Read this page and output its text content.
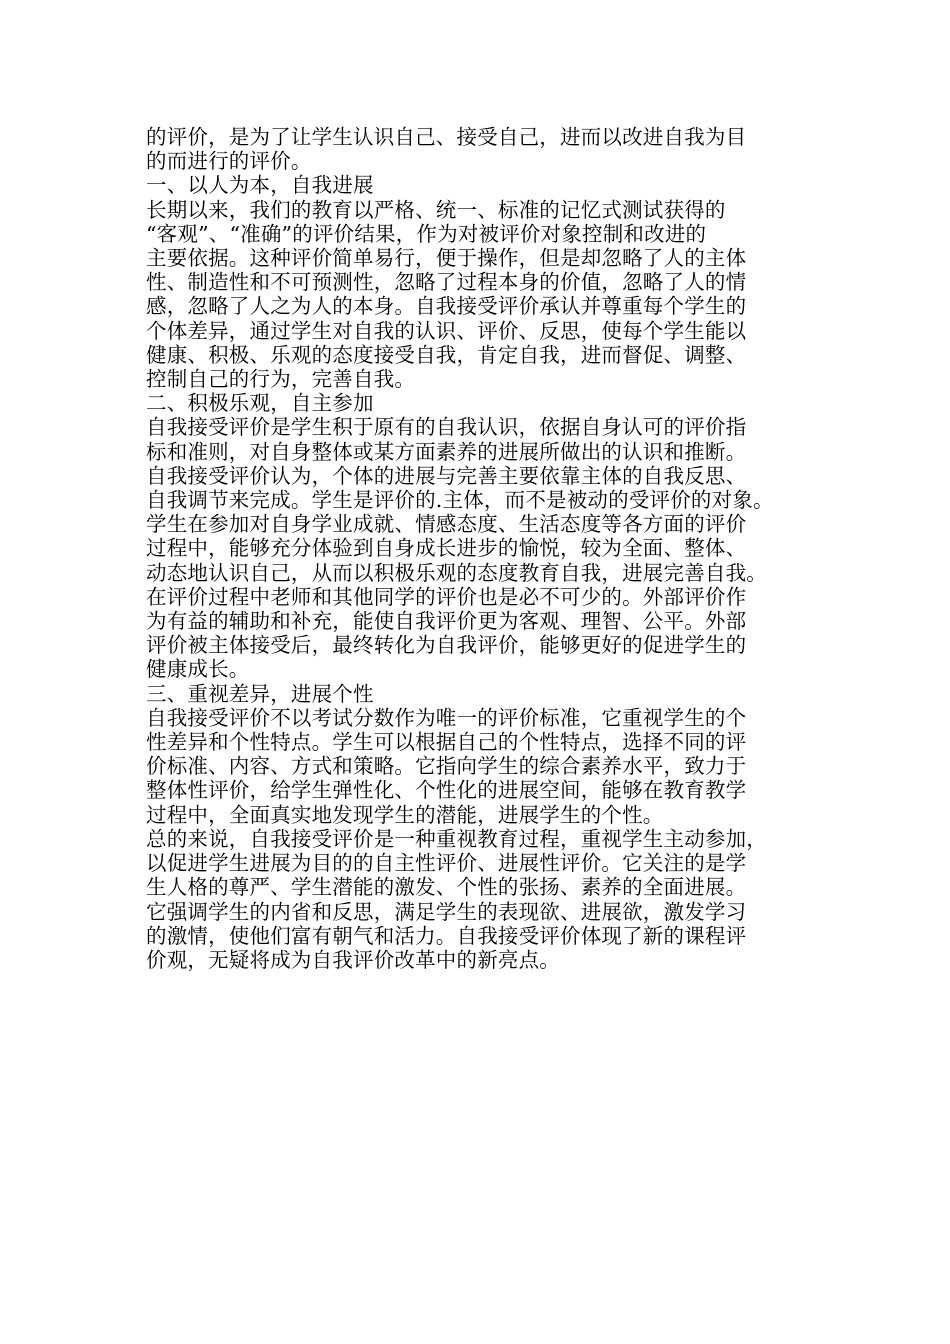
的评价，是为了让学生认识自己、接受自己，进而以改进自我为目
的而进行的评价。
一、以人为本，自我进展
长期以来，我们的教育以严格、统一、标准的记忆式测试获得的
“客观”、“准确”的评价结果，作为对被评价对象控制和改进的
主要依据。这种评价简单易行，便于操作，但是却忽略了人的主体
性、制造性和不可预测性，忽略了过程本身的价值，忽略了人的情
感，忽略了人之为人的本身。自我接受评价承认并尊重每个学生的
个体差异，通过学生对自我的认识、评价、反思，使每个学生能以
健康、积极、乐观的态度接受自我，肯定自我，进而督促、调整、
控制自己的行为，完善自我。
二、积极乐观，自主参加
自我接受评价是学生积于原有的自我认识，依据自身认可的评价指
标和准则，对自身整体或某方面素养的进展所做出的认识和推断。
自我接受评价认为，个体的进展与完善主要依靠主体的自我反思、
自我调节来完成。学生是评价的.主体，而不是被动的受评价的对象。
学生在参加对自身学业成就、情感态度、生活态度等各方面的评价
过程中，能够充分体验到自身成长进步的愉悦，较为全面、整体、
动态地认识自己，从而以积极乐观的态度教育自我，进展完善自我。
在评价过程中老师和其他同学的评价也是必不可少的。外部评价作
为有益的辅助和补充，能使自我评价更为客观、理智、公平。外部
评价被主体接受后，最终转化为自我评价，能够更好的促进学生的
健康成长。
三、重视差异，进展个性
自我接受评价不以考试分数作为唯一的评价标准，它重视学生的个
性差异和个性特点。学生可以根据自己的个性特点，选择不同的评
价标准、内容、方式和策略。它指向学生的综合素养水平，致力于
整体性评价，给学生弹性化、个性化的进展空间，能够在教育教学
过程中，全面真实地发现学生的潜能，进展学生的个性。
总的来说，自我接受评价是一种重视教育过程，重视学生主动参加，
以促进学生进展为目的的自主性评价、进展性评价。它关注的是学
生人格的尊严、学生潜能的激发、个性的张扬、素养的全面进展。
它强调学生的内省和反思，满足学生的表现欲、进展欲，激发学习
的激情，使他们富有朝气和活力。自我接受评价体现了新的课程评
价观，无疑将成为自我评价改革中的新亮点。
